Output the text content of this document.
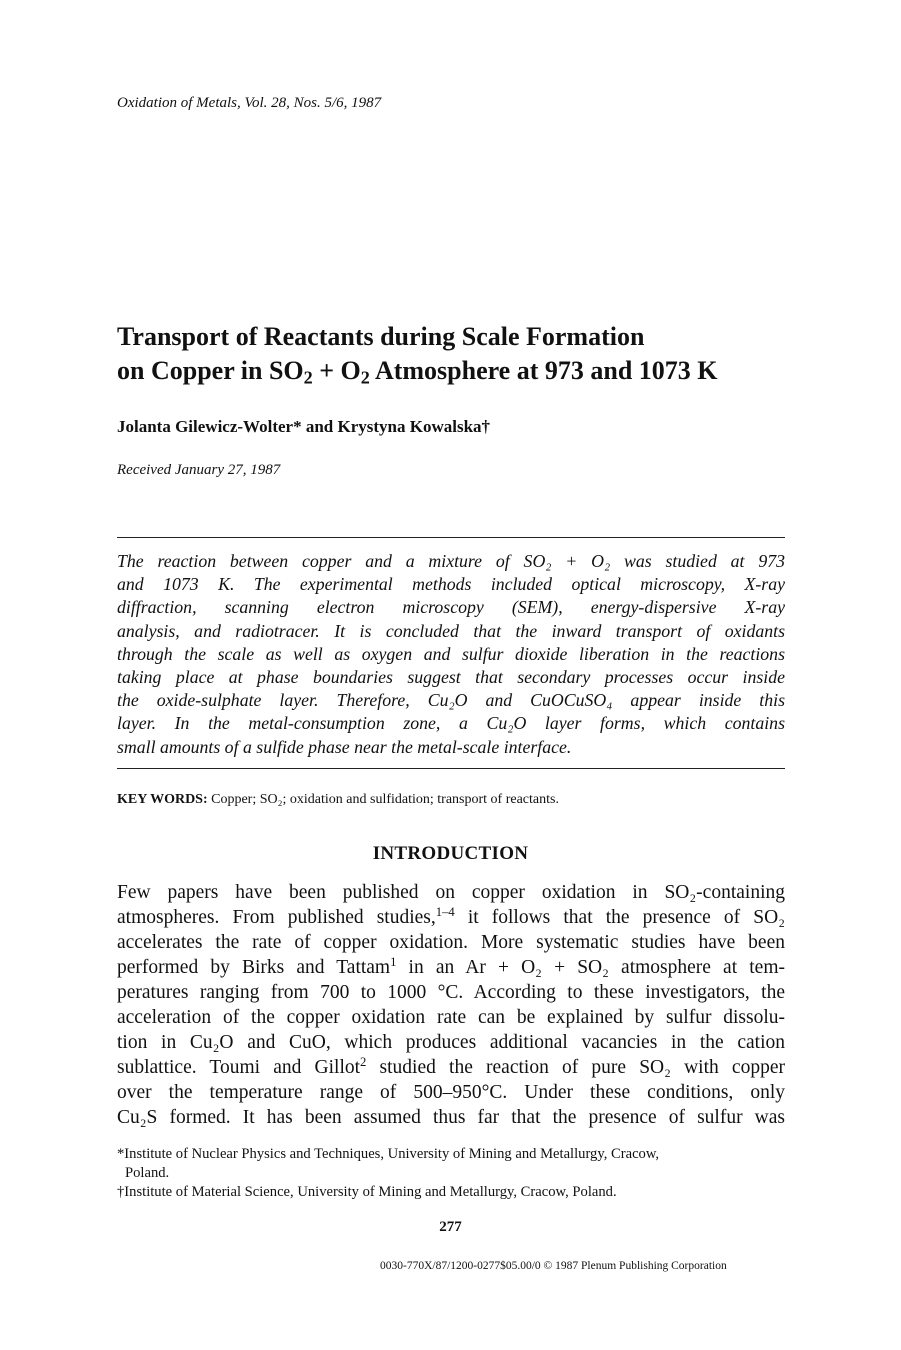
Oxidation of Metals, Vol. 28, Nos. 5/6, 1987
Transport of Reactants during Scale Formation
on Copper in $SO_2 + O_2$ Atmosphere at 973 and 1073 K
Jolanta Gilewicz-Wolter* and Krystyna Kowalska†
Received January 27, 1987
The reaction between copper and a mixture of SO₂ + O₂ was studied at 973
and 1073 K. The experimental methods included optical microscopy, X-ray
diffraction, scanning electron microscopy (SEM), energy-dispersive X-ray
analysis, and radiotracer. It is concluded that the inward transport of oxidants
through the scale as well as oxygen and sulfur dioxide liberation in the reactions
taking place at phase boundaries suggest that secondary processes occur inside
the oxide-sulphate layer. Therefore, Cu₂O and CuOCuSO₄ appear inside this
layer. In the metal-consumption zone, a Cu₂O layer forms, which contains
small amounts of a sulfide phase near the metal-scale interface.
KEY WORDS: Copper; SO₂; oxidation and sulfidation; transport of reactants.
INTRODUCTION
Few papers have been published on copper oxidation in SO₂-containing
atmospheres. From published studies,$^{1-4}$ it follows that the presence of SO₂
accelerates the rate of copper oxidation. More systematic studies have been
performed by Birks and Tattam$^1$ in an Ar + O₂ + SO₂ atmosphere at tem-
peratures ranging from 700 to 1000 °C. According to these investigators, the
acceleration of the copper oxidation rate can be explained by sulfur dissolu-
tion in Cu₂O and CuO, which produces additional vacancies in the cation
sublattice. Toumi and Gillot$^2$ studied the reaction of pure SO₂ with copper
over the temperature range of 500–950°C. Under these conditions, only
Cu₂S formed. It has been assumed thus far that the presence of sulfur was
*Institute of Nuclear Physics and Techniques, University of Mining and Metallurgy, Cracow,
Poland.
†Institute of Material Science, University of Mining and Metallurgy, Cracow, Poland.
277
0030-770X/87/1200-0277$05.00/0 © 1987 Plenum Publishing Corporation
